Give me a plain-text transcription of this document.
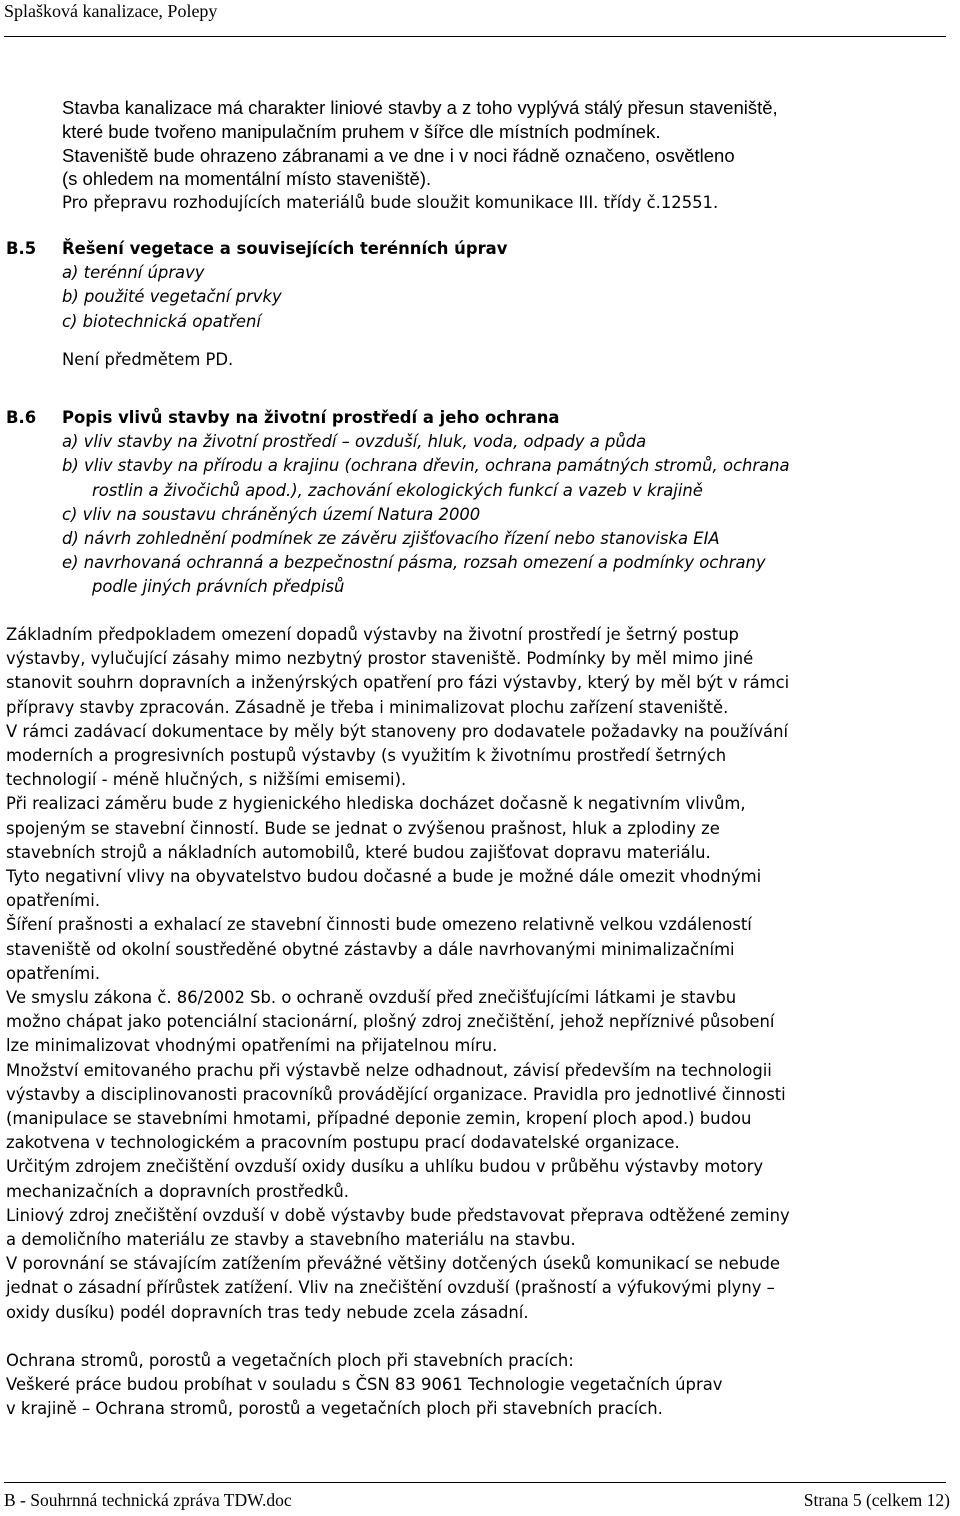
Splašková kanalizace, Polepy
Stavba kanalizace má charakter liniové stavby a z toho vyplývá stálý přesun staveniště,
které bude tvořeno manipulačním pruhem v šířce dle místních podmínek.
Staveniště bude ohrazeno zábranami a ve dne i v noci řádně označeno, osvětleno
(s ohledem na momentální místo staveniště).
Pro přepravu rozhodujících materiálů bude sloužit komunikace III. třídy č.12551.
B.5 Řešení vegetace a souvisejících terénních úprav
a) terénní úpravy
b) použité vegetační prvky
c) biotechnická opatření
Není předmětem PD.
B.6 Popis vlivů stavby na životní prostředí a jeho ochrana
a) vliv stavby na životní prostředí – ovzduší, hluk, voda, odpady a půda
b) vliv stavby na přírodu a krajinu (ochrana dřevin, ochrana památných stromů, ochrana
rostlin a živočichů apod.), zachování ekologických funkcí a vazeb v krajině
c) vliv na soustavu chráněných území Natura 2000
d) návrh zohlednění podmínek ze závěru zjišťovacího řízení nebo stanoviska EIA
e) navrhovaná ochranná a bezpečnostní pásma, rozsah omezení a podmínky ochrany
podle jiných právních předpisů
Základním předpokladem omezení dopadů výstavby na životní prostředí je šetrný postup
výstavby, vylučující zásahy mimo nezbytný prostor staveniště. Podmínky by měl mimo jiné
stanovit souhrn dopravních a inženýrských opatření pro fázi výstavby, který by měl být v rámci
přípravy stavby zpracován. Zásadně je třeba i minimalizovat plochu zařízení staveniště.
V rámci zadávací dokumentace by měly být stanoveny pro dodavatele požadavky na používání
moderních a progresivních postupů výstavby (s využitím k životnímu prostředí šetrných
technologií - méně hlučných, s nižšími emisemi).
Při realizaci záměru bude z hygienického hlediska docházet dočasně k negativním vlivům,
spojeným se stavební činností. Bude se jednat o zvýšenou prašnost, hluk a zplodiny ze
stavebních strojů a nákladních automobilů, které budou zajišťovat dopravu materiálu.
Tyto negativní vlivy na obyvatelstvo budou dočasné a bude je možné dále omezit vhodnými
opatřeními.
Šíření prašnosti a exhalací ze stavební činnosti bude omezeno relativně velkou vzdáleností
staveniště od okolní soustředěné obytné zástavby a dále navrhovanými minimalizačními
opatřeními.
Ve smyslu zákona č. 86/2002 Sb. o ochraně ovzduší před znečišťujícími látkami je stavbu
možno chápat jako potenciální stacionární, plošný zdroj znečištění, jehož nepříznivé působení
lze minimalizovat vhodnými opatřeními na přijatelnou míru.
Množství emitovaného prachu při výstavbě nelze odhadnout, závisí především na technologii
výstavby a disciplinovanosti pracovníků provádějící organizace. Pravidla pro jednotlivé činnosti
(manipulace se stavebními hmotami, případné deponie zemin, kropení ploch apod.) budou
zakotvena v technologickém a pracovním postupu prací dodavatelské organizace.
Určitým zdrojem znečištění ovzduší oxidy dusíku a uhlíku budou v průběhu výstavby motory
mechanizačních a dopravních prostředků.
Liniový zdroj znečištění ovzduší v době výstavby bude představovat přeprava odtěžené zeminy
a demoličního materiálu ze stavby a stavebního materiálu na stavbu.
V porovnání se stávajícím zatížením převážné většiny dotčených úseků komunikací se nebude
jednat o zásadní přírůstek zatížení. Vliv na znečištění ovzduší (prašností a výfukovými plyny –
oxidy dusíku) podél dopravních tras tedy nebude zcela zásadní.
Ochrana stromů, porostů a vegetačních ploch při stavebních pracích:
Veškeré práce budou probíhat v souladu s ČSN 83 9061 Technologie vegetačních úprav
v krajině – Ochrana stromů, porostů a vegetačních ploch při stavebních pracích.
B - Souhrnná technická zpráva TDW.doc	Strana 5 (celkem 12)
